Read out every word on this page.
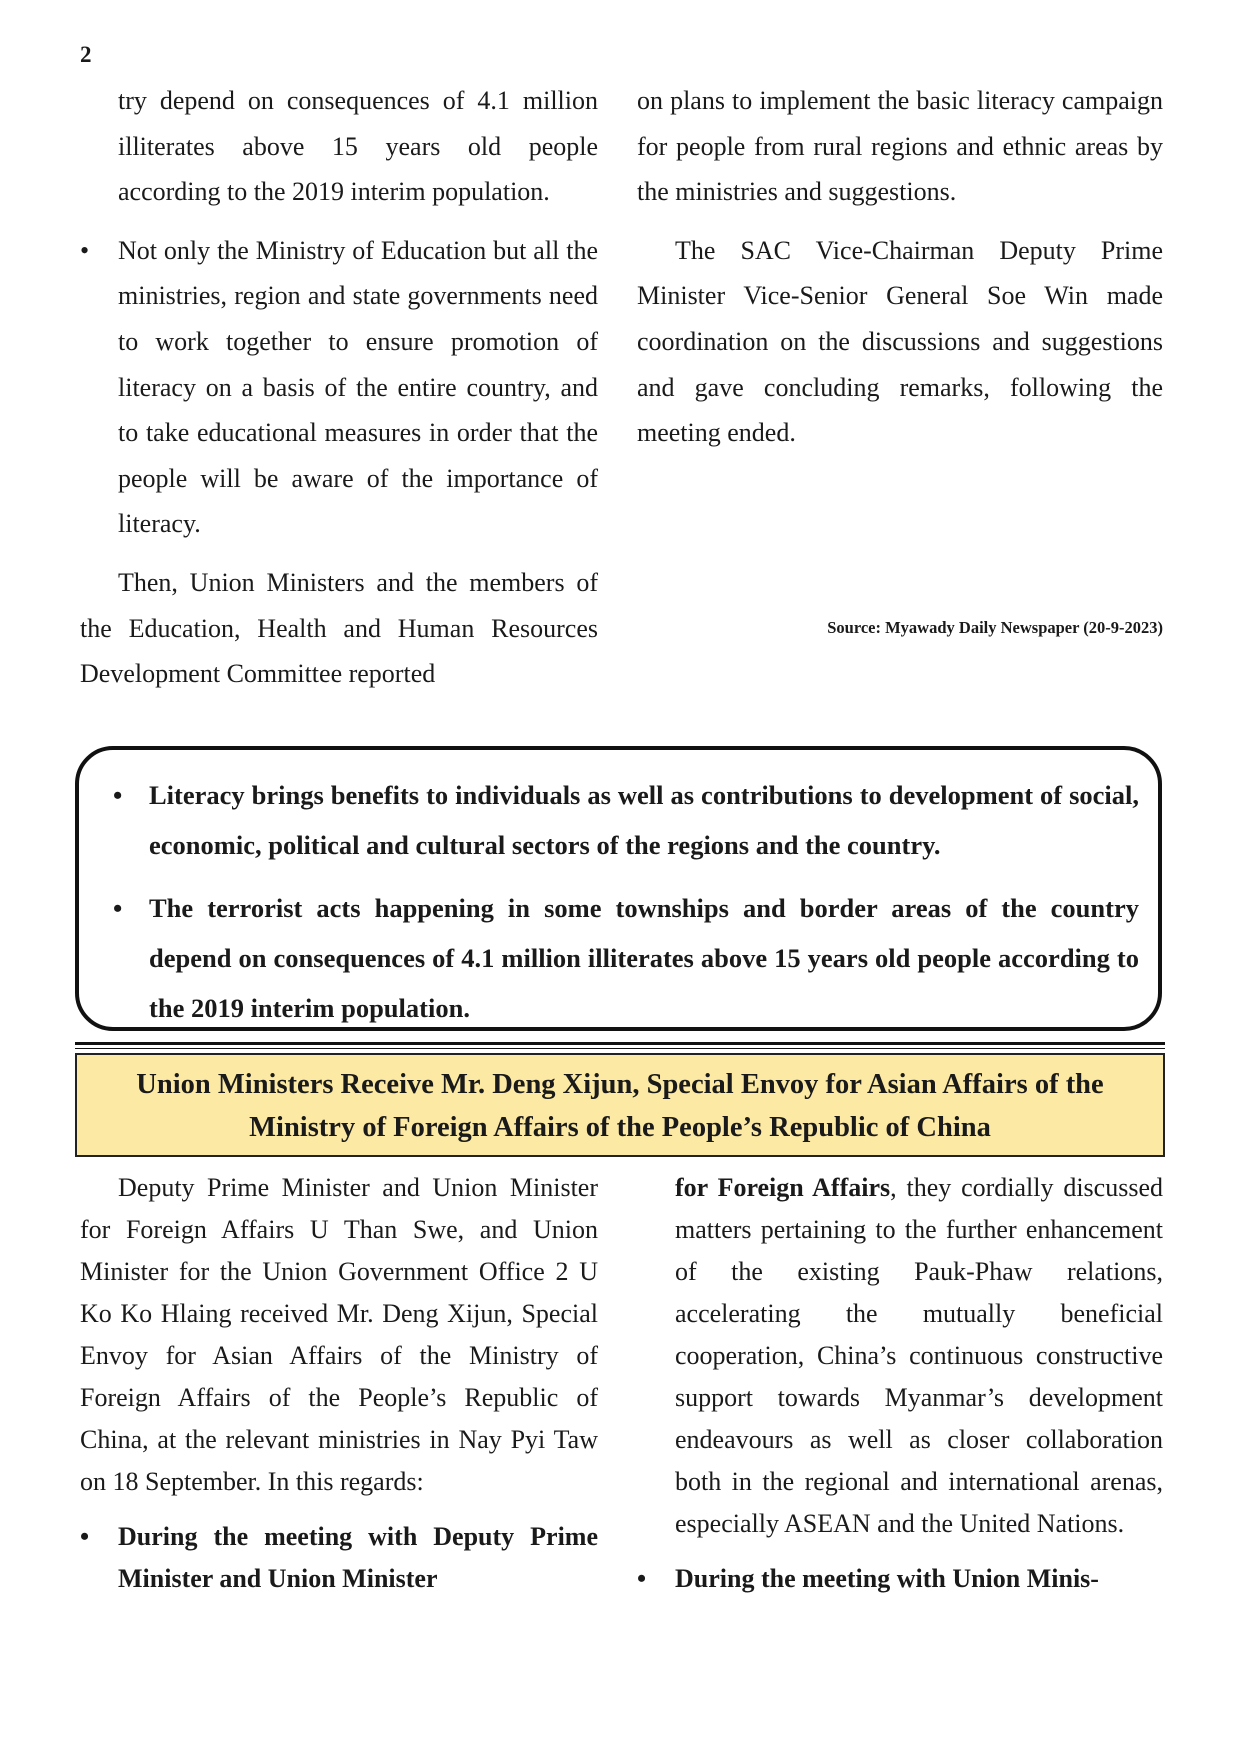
2

try depend on consequences of 4.1 million illiterates above 15 years old people according to the 2019 interim population.

• Not only the Ministry of Education but all the ministries, region and state governments need to work together to ensure promotion of literacy on a basis of the entire country, and to take educational measures in order that the people will be aware of the importance of literacy.

Then, Union Ministers and the members of the Education, Health and Human Resources Development Committee reported

on plans to implement the basic literacy campaign for people from rural regions and ethnic areas by the ministries and suggestions.

The SAC Vice-Chairman Deputy Prime Minister Vice-Senior General Soe Win made coordination on the discussions and suggestions and gave concluding remarks, following the meeting ended.

Source: Myawady Daily Newspaper (20-9-2023)
• Literacy brings benefits to individuals as well as contributions to development of social, economic, political and cultural sectors of the regions and the country.
• The terrorist acts happening in some townships and border areas of the country depend on consequences of 4.1 million illiterates above 15 years old people according to the 2019 interim population.
Union Ministers Receive Mr. Deng Xijun, Special Envoy for Asian Affairs of the
Ministry of Foreign Affairs of the People’s Republic of China

Deputy Prime Minister and Union Minister for Foreign Affairs U Than Swe, and Union Minister for the Union Government Office 2 U Ko Ko Hlaing received Mr. Deng Xijun, Special Envoy for Asian Affairs of the Ministry of Foreign Affairs of the People’s Republic of China, at the relevant ministries in Nay Pyi Taw on 18 September. In this regards:

• During the meeting with Deputy Prime Minister and Union Minister

for Foreign Affairs, they cordially discussed matters pertaining to the further enhancement of the existing Pauk-Phaw relations, accelerating the mutually beneficial cooperation, China’s continuous constructive support towards Myanmar’s development endeavours as well as closer collaboration both in the regional and international arenas, especially ASEAN and the United Nations.

• During the meeting with Union Minis-
